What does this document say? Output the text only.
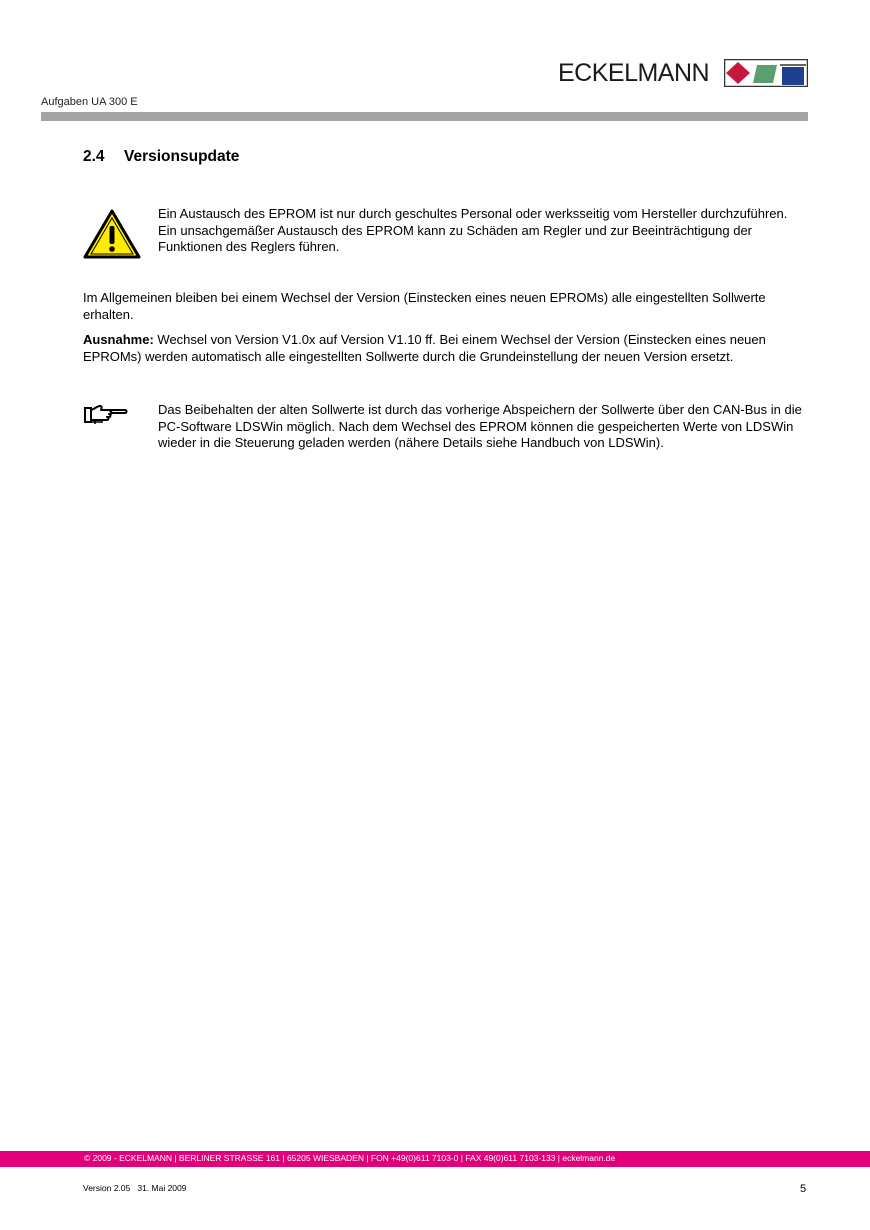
ECKELMANN
Aufgaben UA 300 E
2.4 Versionsupdate
Ein Austausch des EPROM ist nur durch geschultes Personal oder werksseitig vom Hersteller durchzuführen. Ein unsachgemäßer Austausch des EPROM kann zu Schäden am Regler und zur Beeinträchtigung der Funktionen des Reglers führen.
Im Allgemeinen bleiben bei einem Wechsel der Version (Einstecken eines neuen EPROMs) alle eingestellten Sollwerte erhalten.
Ausnahme: Wechsel von Version V1.0x auf Version V1.10 ff. Bei einem Wechsel der Version (Einstecken eines neuen EPROMs) werden automatisch alle eingestellten Sollwerte durch die Grundeinstellung der neuen Version ersetzt.
Das Beibehalten der alten Sollwerte ist durch das vorherige Abspeichern der Sollwerte über den CAN-Bus in die PC-Software LDSWin möglich. Nach dem Wechsel des EPROM können die gespeicherten Werte von LDSWin wieder in die Steuerung geladen werden (nähere Details siehe Handbuch von LDSWin).
© 2009 - ECKELMANN | BERLINER STRASSE 161 | 65205 WIESBADEN | FON +49(0)611 7103-0 | FAX 49(0)611 7103-133 | eckelmann.de
Version 2.05   31. Mai 2009	5
